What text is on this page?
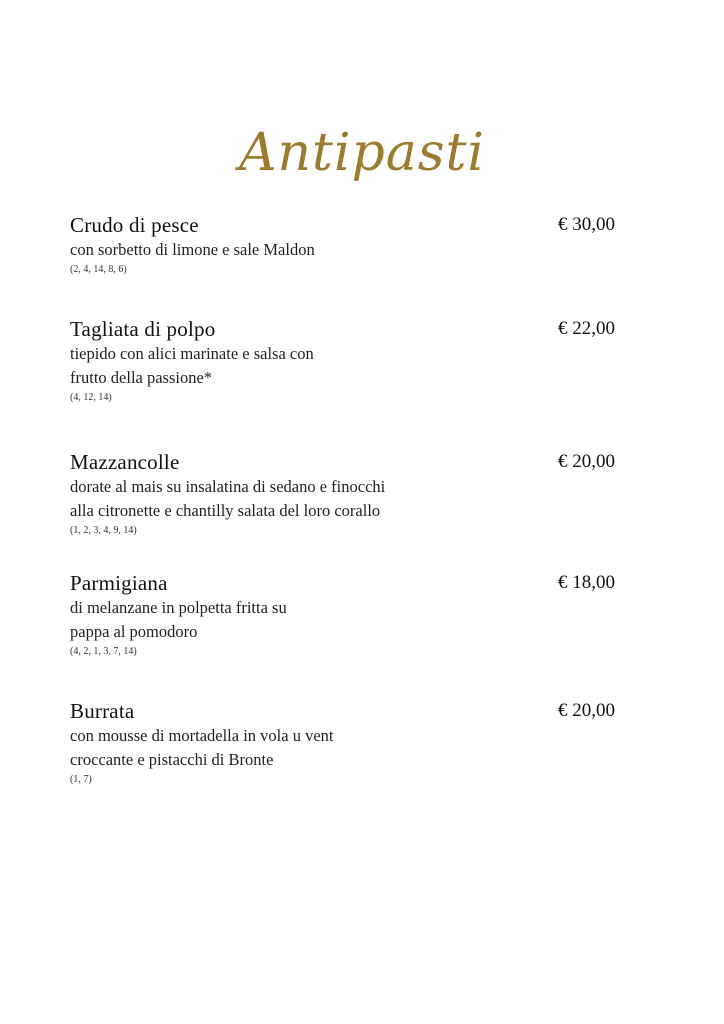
Antipasti
Crudo di pesce	€ 30,00
con sorbetto di limone e sale Maldon
(2, 4, 14, 8, 6)
Tagliata di polpo	€ 22,00
tiepido con alici marinate e salsa con
frutto della passione*
(4, 12, 14)
Mazzancolle	€ 20,00
dorate al mais su insalatina di sedano e finocchi
alla citronette e chantilly salata del loro corallo
(1, 2, 3, 4, 9, 14)
Parmigiana	€ 18,00
di melanzane in polpetta fritta su
pappa al pomodoro
(4, 2, 1, 3, 7, 14)
Burrata	€ 20,00
con mousse di mortadella in vola u vent
croccante e pistacchi di Bronte
(1, 7)
